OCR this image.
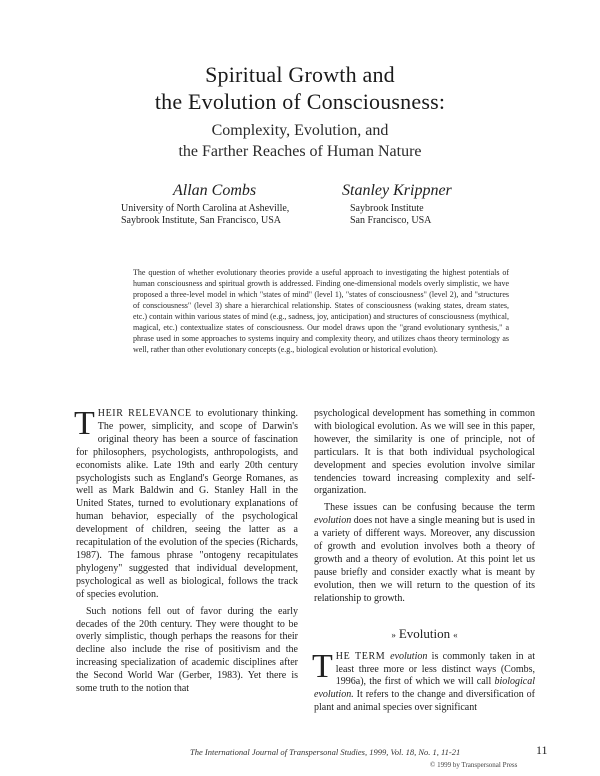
Spiritual Growth and
the Evolution of Consciousness:
Complexity, Evolution, and
the Farther Reaches of Human Nature
Allan Combs
University of North Carolina at Asheville,
Saybrook Institute, San Francisco, USA
Stanley Krippner
Saybrook Institute
San Francisco, USA
The question of whether evolutionary theories provide a useful approach to investigating the highest potentials of human consciousness and spiritual growth is addressed. Finding one-dimensional models overly simplistic, we have proposed a three-level model in which "states of mind" (level 1), "states of consciousness" (level 2), and "structures of consciousness" (level 3) share a hierarchical relationship. States of consciousness (waking states, dream states, etc.) contain within various states of mind (e.g., sadness, joy, anticipation) and structures of consciousness (mythical, magical, etc.) contextualize states of consciousness. Our model draws upon the "grand evolutionary synthesis," a phrase used in some approaches to systems inquiry and complexity theory, and utilizes chaos theory terminology as well, rather than other evolutionary concepts (e.g., biological evolution or historical evolution).

THEIR RELEVANCE to evolutionary thinking. The power, simplicity, and scope of Darwin's original theory has been a source of fascination for philosophers, psychologists, anthropologists, and economists alike. Late 19th and early 20th century psychologists such as England's George Romanes, as well as Mark Baldwin and G. Stanley Hall in the United States, turned to evolutionary explanations of human behavior, especially of the psychological development of children, seeing the latter as a recapitulation of the evolution of the species (Richards, 1987). The famous phrase "ontogeny recapitulates phylogeny" suggested that individual development, psychological as well as biological, follows the track of species evolution.

Such notions fell out of favor during the early decades of the 20th century. They were thought to be overly simplistic, though perhaps the reasons for their decline also include the rise of positivism and the increasing specialization of academic disciplines after the Second World War (Gerber, 1983). Yet there is some truth to the notion that

psychological development has something in common with biological evolution. As we will see in this paper, however, the similarity is one of principle, not of particulars. It is that both individual psychological development and species evolution involve similar tendencies toward increasing complexity and self-organization.

These issues can be confusing because the term evolution does not have a single meaning but is used in a variety of different ways. Moreover, any discussion of growth and evolution involves both a theory of growth and a theory of evolution. At this point let us pause briefly and consider exactly what is meant by evolution, then we will return to the question of its relationship to growth.

» Evolution «

THE TERM evolution is commonly taken in at least three more or less distinct ways (Combs, 1996a), the first of which we will call biological evolution. It refers to the change and diversification of plant and animal species over significant

The International Journal of Transpersonal Studies, 1999, Vol. 18, No. 1, 11-21	11
© 1999 by Transpersonal Press
